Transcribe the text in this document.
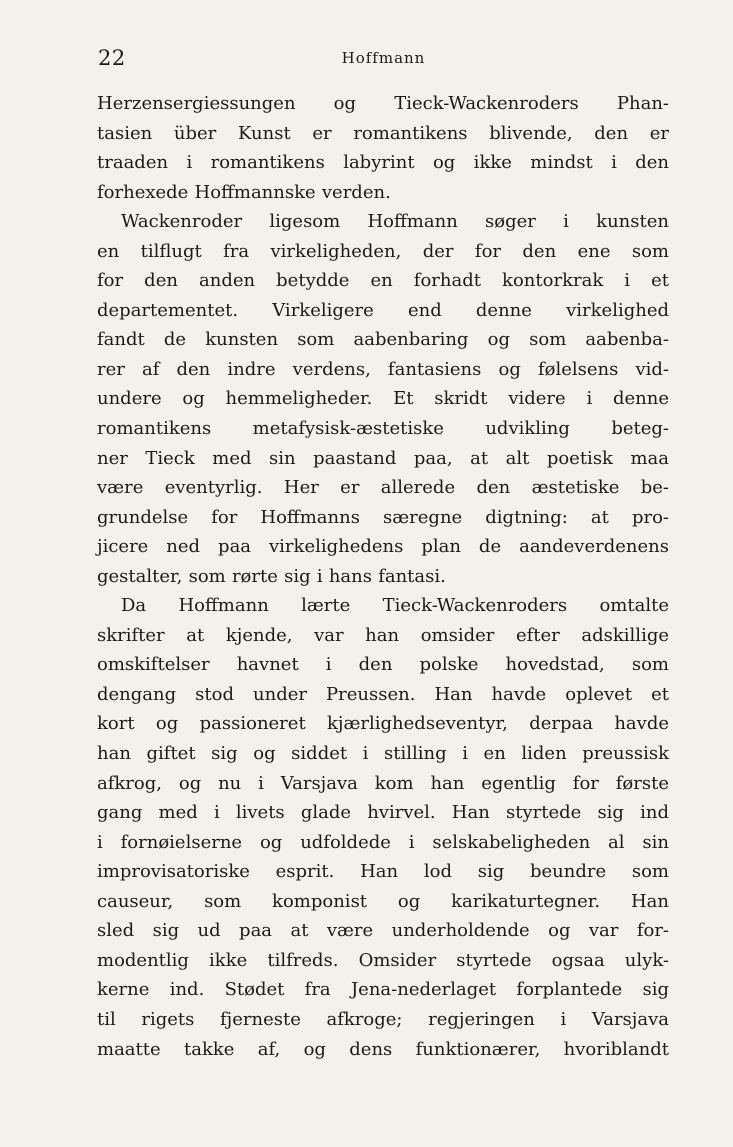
22	Hoffmann
Herzensergiessungen og Tieck-Wackenroders Phan-
tasien über Kunst er romantikens blivende, den er
traaden i romantikens labyrint og ikke mindst i den
forhexede Hoffmannske verden.
Wackenroder ligesom Hoffmann søger i kunsten
en tilflugt fra virkeligheden, der for den ene som
for den anden betydde en forhadt kontorkrak i et
departementet. Virkeligere end denne virkelighed
fandt de kunsten som aabenbaring og som aabenba-
rer af den indre verdens, fantasiens og følelsens vid-
undere og hemmeligheder. Et skridt videre i denne
romantikens metafysisk-æstetiske udvikling beteg-
ner Tieck med sin paastand paa, at alt poetisk maa
være eventyrlig. Her er allerede den æstetiske be-
grundelse for Hoffmanns særegne digtning: at pro-
jicere ned paa virkelighedens plan de aandeverdenens
gestalter, som rørte sig i hans fantasi.
Da Hoffmann lærte Tieck-Wackenroders omtalte
skrifter at kjende, var han omsider efter adskillige
omskiftelser havnet i den polske hovedstad, som
dengang stod under Preussen. Han havde oplevet et
kort og passioneret kjærlighedseventyr, derpaa havde
han giftet sig og siddet i stilling i en liden preussisk
afkrog, og nu i Varsjava kom han egentlig for første
gang med i livets glade hvirvel. Han styrtede sig ind
i fornøielserne og udfoldede i selskabeligheden al sin
improvisatoriske esprit. Han lod sig beundre som
causeur, som komponist og karikaturtegner. Han
sled sig ud paa at være underholdende og var for-
modentlig ikke tilfreds. Omsider styrtede ogsaa ulyk-
kerne ind. Stødet fra Jena-nederlaget forplantede sig
til rigets fjerneste afkroge; regjeringen i Varsjava
maatte takke af, og dens funktionærer, hvoriblandt
